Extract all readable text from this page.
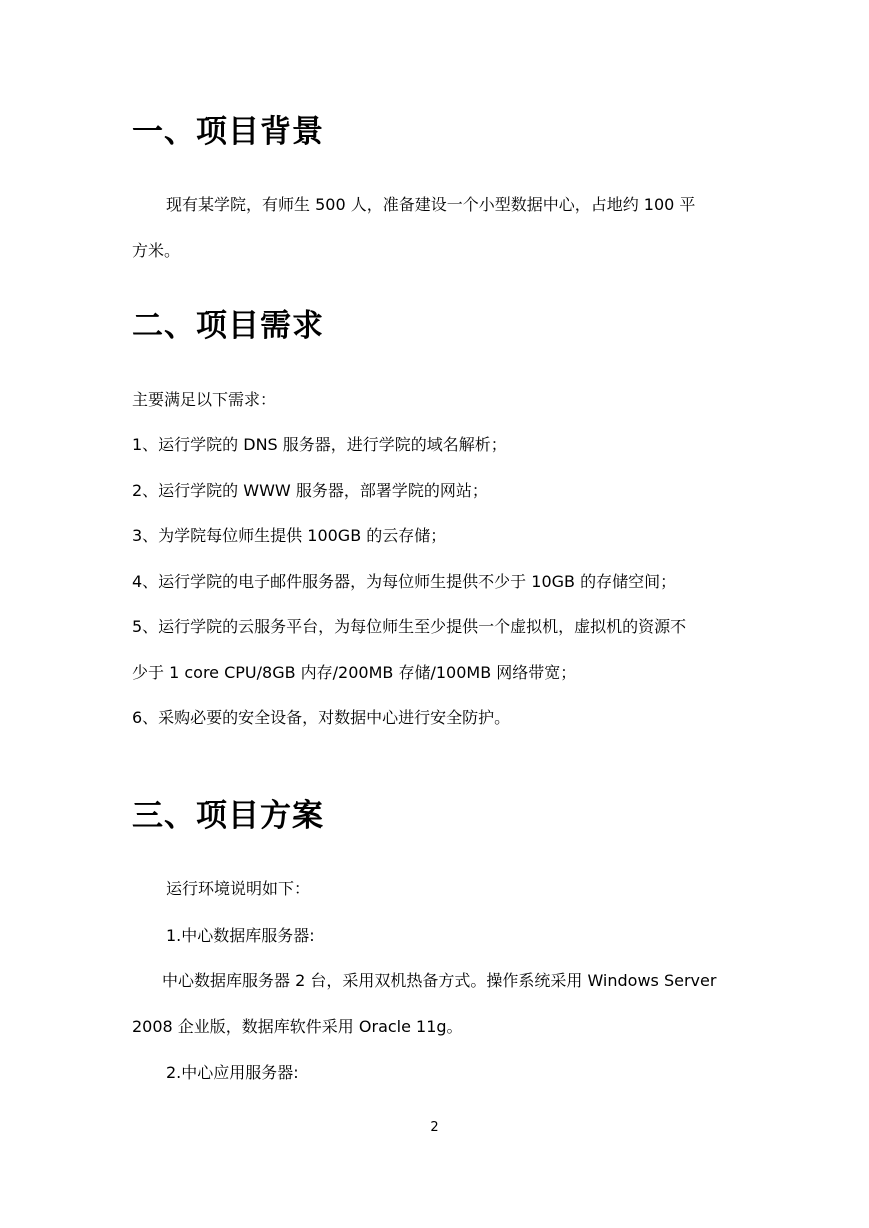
一、项目背景

现有某学院，有师生 500 人，准备建设一个小型数据中心，占地约 100 平

方米。

二、项目需求

主要满足以下需求：

1、运行学院的 DNS 服务器，进行学院的域名解析；

2、运行学院的 WWW 服务器，部署学院的网站；

3、为学院每位师生提供 100GB 的云存储；

4、运行学院的电子邮件服务器，为每位师生提供不少于 10GB 的存储空间；

5、运行学院的云服务平台，为每位师生至少提供一个虚拟机，虚拟机的资源不

少于 1 core CPU/8GB 内存/200MB 存储/100MB 网络带宽；

6、采购必要的安全设备，对数据中心进行安全防护。

三、项目方案

运行环境说明如下：

1.中心数据库服务器:

中心数据库服务器 2 台，采用双机热备方式。操作系统采用 Windows Server

2008 企业版，数据库软件采用 Oracle 11g。

2.中心应用服务器:

2
